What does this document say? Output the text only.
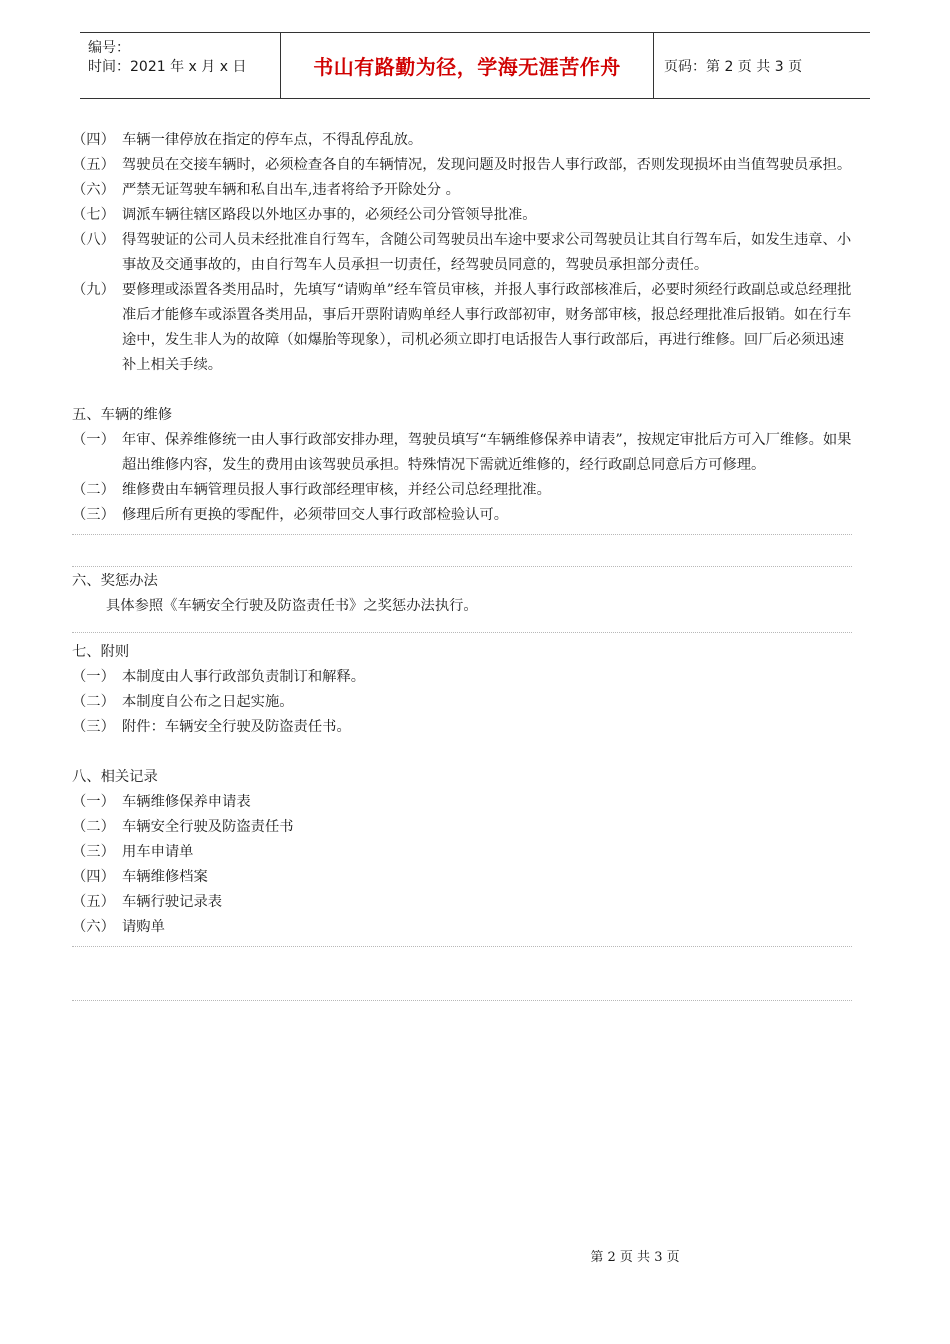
编号：
时间：2021 年 x 月 x 日	书山有路勤为径，学海无涯苦作舟	页码：第 2 页 共 3 页
（四） 车辆一律停放在指定的停车点，不得乱停乱放。
（五） 驾驶员在交接车辆时，必须检查各自的车辆情况，发现问题及时报告人事行政部，否则发现损坏由当值驾驶员承担。
（六） 严禁无证驾驶车辆和私自出车,违者将给予开除处分 。
（七） 调派车辆往辖区路段以外地区办事的，必须经公司分管领导批准。
（八） 得驾驶证的公司人员未经批准自行驾车，含随公司驾驶员出车途中要求公司驾驶员让其自行驾车后，如发生违章、小事故及交通事故的，由自行驾车人员承担一切责任，经驾驶员同意的，驾驶员承担部分责任。
（九） 要修理或添置各类用品时，先填写“请购单”经车管员审核，并报人事行政部核准后，必要时须经行政副总或总经理批准后才能修车或添置各类用品，事后开票附请购单经人事行政部初审，财务部审核，报总经理批准后报销。如在行车途中，发生非人为的故障（如爆胎等现象），司机必须立即打电话报告人事行政部后，再进行维修。回厂后必须迅速补上相关手续。
五、车辆的维修
（一） 年审、保养维修统一由人事行政部安排办理，驾驶员填写“车辆维修保养申请表”，按规定审批后方可入厂维修。如果超出维修内容，发生的费用由该驾驶员承担。特殊情况下需就近维修的，经行政副总同意后方可修理。
（二） 维修费由车辆管理员报人事行政部经理审核，并经公司总经理批准。
（三） 修理后所有更换的零配件，必须带回交人事行政部检验认可。
六、奖惩办法
具体参照《车辆安全行驶及防盗责任书》之奖惩办法执行。
七、附则
（一） 本制度由人事行政部负责制订和解释。
（二） 本制度自公布之日起实施。
（三） 附件：车辆安全行驶及防盗责任书。
八、相关记录
（一） 车辆维修保养申请表
（二） 车辆安全行驶及防盗责任书
（三） 用车申请单
（四） 车辆维修档案
（五） 车辆行驶记录表
（六） 请购单
第 2 页 共 3 页
